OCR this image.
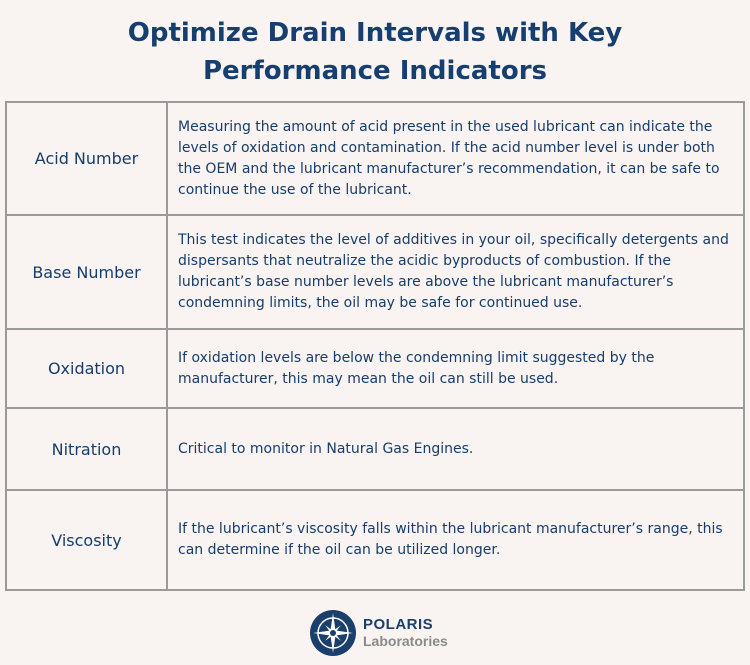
Optimize Drain Intervals with Key
Performance Indicators
Acid Number
Measuring the amount of acid present in the used lubricant can indicate the levels of oxidation and contamination. If the acid number level is under both the OEM and the lubricant manufacturer’s recommendation, it can be safe to continue the use of the lubricant.
Base Number
This test indicates the level of additives in your oil, specifically detergents and dispersants that neutralize the acidic byproducts of combustion. If the lubricant’s base number levels are above the lubricant manufacturer’s condemning limits, the oil may be safe for continued use.
Oxidation
If oxidation levels are below the condemning limit suggested by the manufacturer, this may mean the oil can still be used.
Nitration	Critical to monitor in Natural Gas Engines.
Viscosity
If the lubricant’s viscosity falls within the lubricant manufacturer’s range, this can determine if the oil can be utilized longer.
POLARIS
Laboratories
